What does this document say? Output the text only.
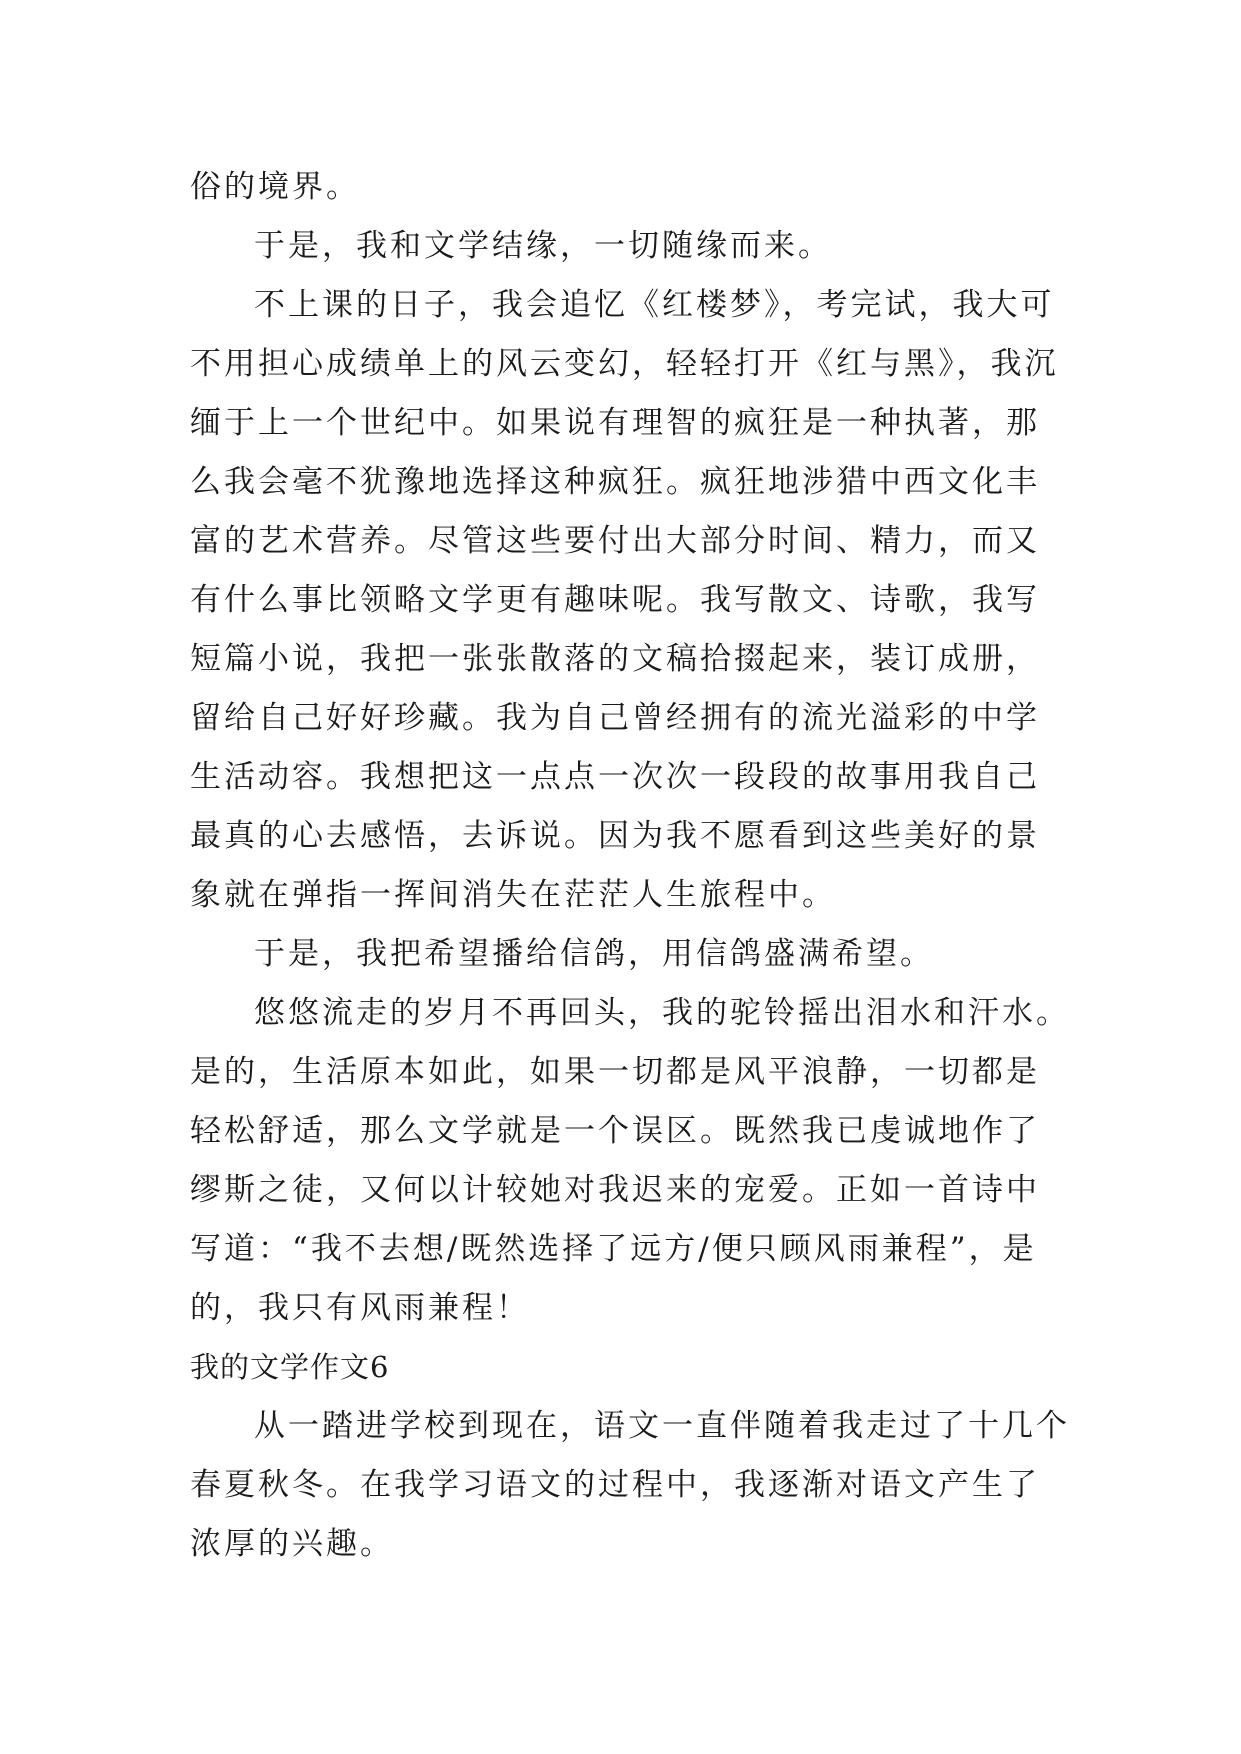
俗的境界。

于是，我和文学结缘，一切随缘而来。

不上课的日子，我会追忆《红楼梦》，考完试，我大可不用担心成绩单上的风云变幻，轻轻打开《红与黑》，我沉缅于上一个世纪中。如果说有理智的疯狂是一种执著，那么我会毫不犹豫地选择这种疯狂。疯狂地涉猎中西文化丰富的艺术营养。尽管这些要付出大部分时间、精力，而又有什么事比领略文学更有趣味呢。我写散文、诗歌，我写短篇小说，我把一张张散落的文稿拾掇起来，装订成册，留给自己好好珍藏。我为自己曾经拥有的流光溢彩的中学生活动容。我想把这一点点一次次一段段的故事用我自己最真的心去感悟，去诉说。因为我不愿看到这些美好的景象就在弹指一挥间消失在茫茫人生旅程中。

于是，我把希望播给信鸽，用信鸽盛满希望。

悠悠流走的岁月不再回头，我的驼铃摇出泪水和汗水。是的，生活原本如此，如果一切都是风平浪静，一切都是轻松舒适，那么文学就是一个误区。既然我已虔诚地作了缪斯之徒，又何以计较她对我迟来的宠爱。正如一首诗中写道：“我不去想/既然选择了远方/便只顾风雨兼程”，是的，我只有风雨兼程！

我的文学作文6

从一踏进学校到现在，语文一直伴随着我走过了十几个春夏秋冬。在我学习语文的过程中，我逐渐对语文产生了浓厚的兴趣。
